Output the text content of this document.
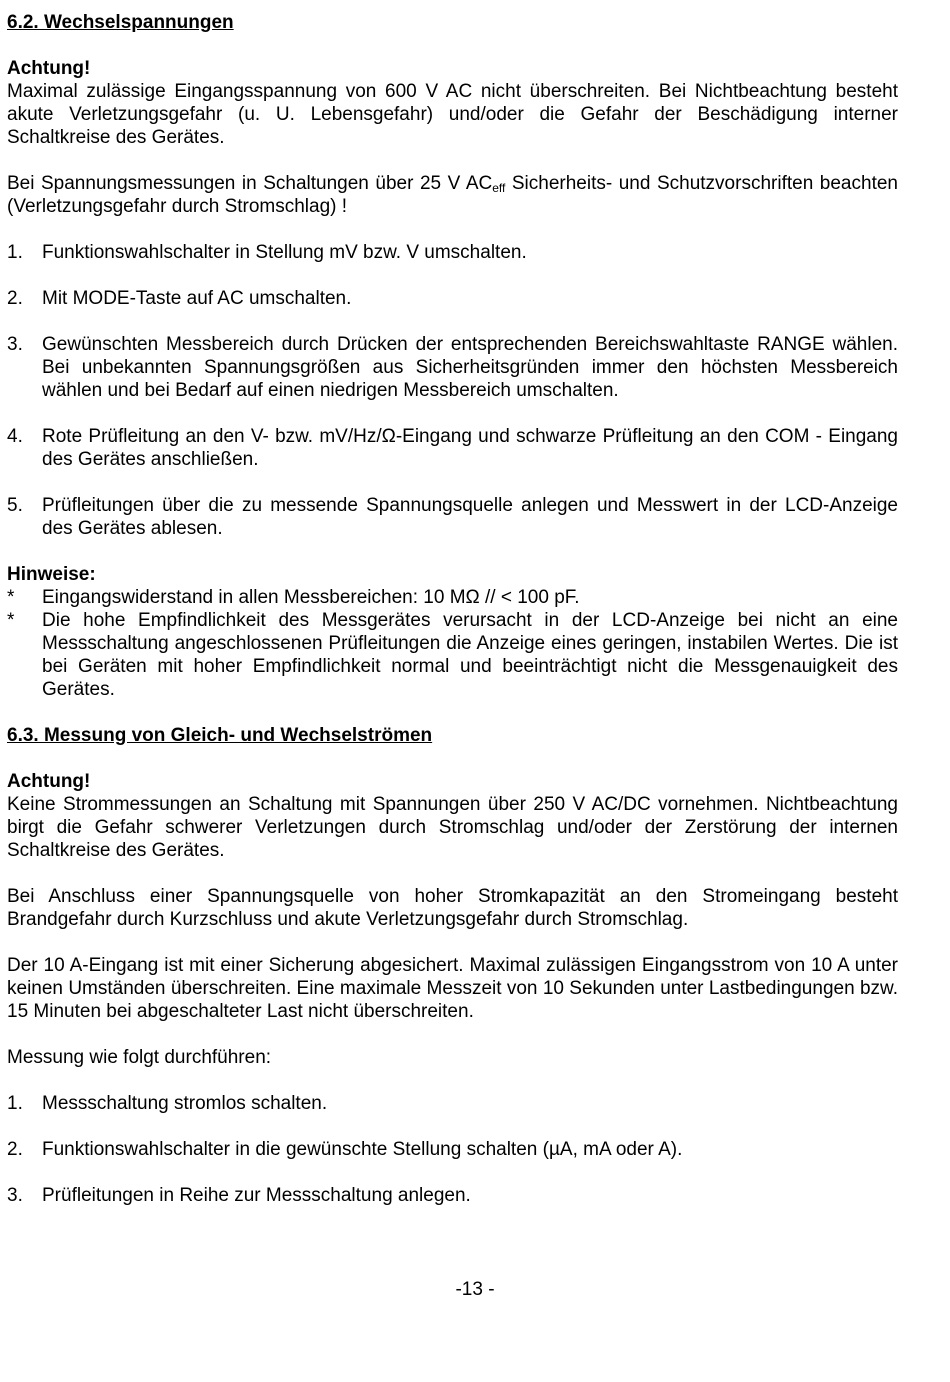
6.2. Wechselspannungen
Achtung!

Maximal zulässige Eingangsspannung von 600 V AC nicht überschreiten. Bei Nichtbeachtung besteht akute Verletzungsgefahr (u. U. Lebensgefahr) und/oder die Gefahr der Beschädigung interner Schaltkreise des Gerätes.

Bei Spannungsmessungen in Schaltungen über 25 V $AC_{eff}$ Sicherheits- und Schutzvorschriften beachten (Verletzungsgefahr durch Stromschlag) !

1.	Funktionswahlschalter in Stellung mV bzw. V umschalten.
2.	Mit MODE-Taste auf AC umschalten.
3.	Gewünschten Messbereich durch Drücken der entsprechenden Bereichswahltaste RANGE wählen. Bei unbekannten Spannungsgrößen aus Sicherheitsgründen immer den höchsten Messbereich wählen und bei Bedarf auf einen niedrigen Messbereich umschalten.
4.	Rote Prüfleitung an den V- bzw. mV/Hz/Ω-Eingang und schwarze Prüfleitung an den COM - Eingang des Gerätes anschließen.
5.	Prüfleitungen über die zu messende Spannungsquelle anlegen und Messwert in der LCD-Anzeige des Gerätes ablesen.
Hinweise:
*	Eingangswiderstand in allen Messbereichen: 10 MΩ // < 100 pF.
*	Die hohe Empfindlichkeit des Messgerätes verursacht in der LCD-Anzeige bei nicht an eine Messschaltung angeschlossenen Prüfleitungen die Anzeige eines geringen, instabilen Wertes. Die ist bei Geräten mit hoher Empfindlichkeit normal und beeinträchtigt nicht die Messgenauigkeit des Gerätes.
6.3. Messung von Gleich- und Wechselströmen
Achtung!

Keine Strommessungen an Schaltung mit Spannungen über 250 V AC/DC vornehmen. Nichtbeachtung birgt die Gefahr schwerer Verletzungen durch Stromschlag und/oder der Zerstörung der internen Schaltkreise des Gerätes.

Bei Anschluss einer Spannungsquelle von hoher Stromkapazität an den Stromeingang besteht Brandgefahr durch Kurzschluss und akute Verletzungsgefahr durch Stromschlag.

Der 10 A-Eingang ist mit einer Sicherung abgesichert. Maximal zulässigen Eingangsstrom von 10 A unter keinen Umständen überschreiten. Eine maximale Messzeit von 10 Sekunden unter Lastbedingungen bzw. 15 Minuten bei abgeschalteter Last nicht überschreiten.

Messung wie folgt durchführen:

1.	Messschaltung stromlos schalten.
2.	Funktionswahlschalter in die gewünschte Stellung schalten (µA, mA oder A).
3.	Prüfleitungen in Reihe zur Messschaltung anlegen.
-13 -
